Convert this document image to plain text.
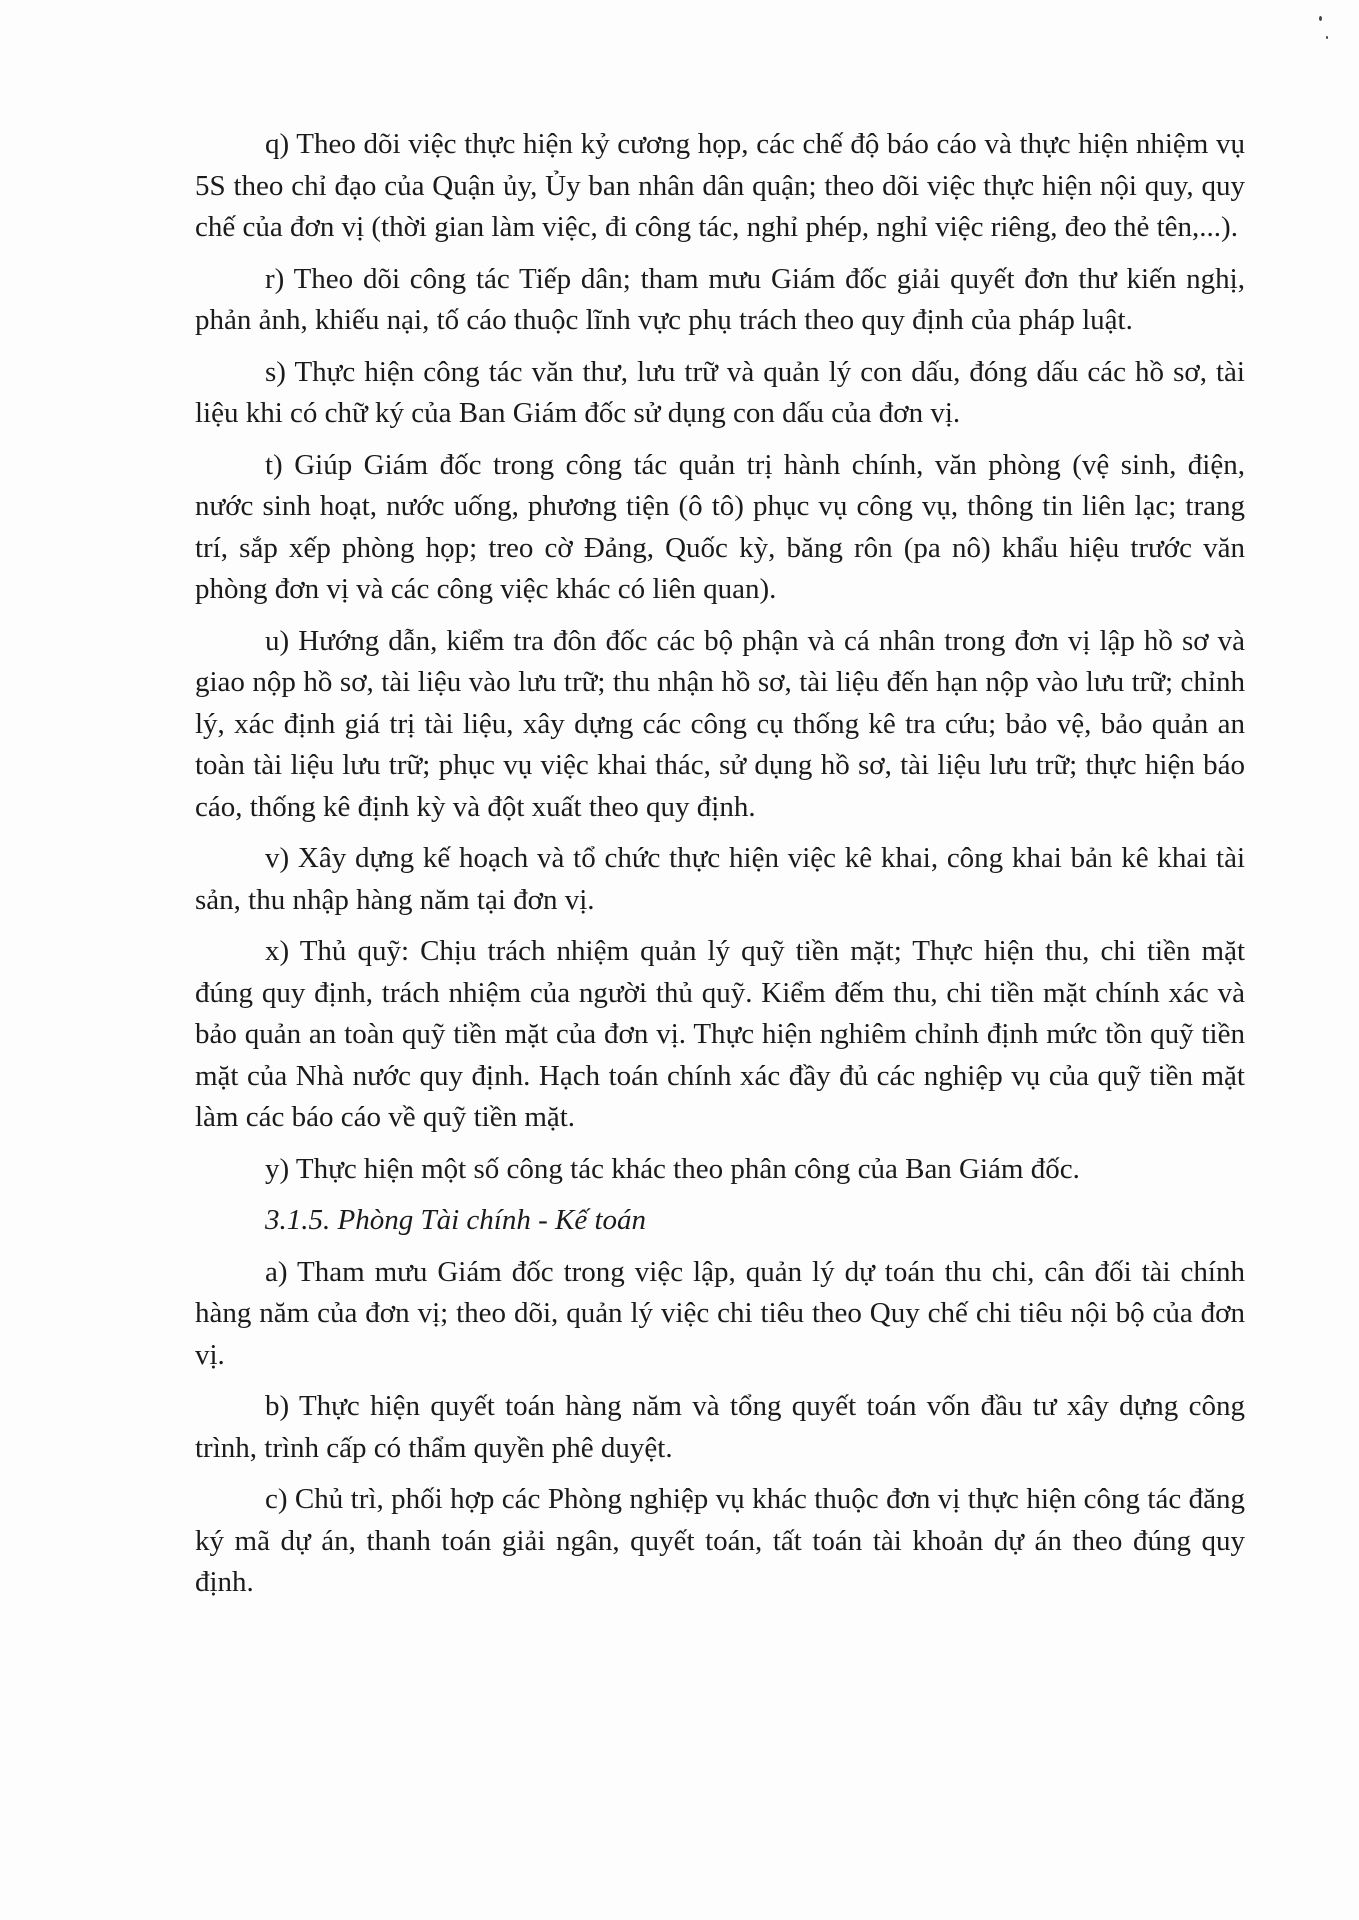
q) Theo dõi việc thực hiện kỷ cương họp, các chế độ báo cáo và thực hiện nhiệm vụ 5S theo chỉ đạo của Quận ủy, Ủy ban nhân dân quận; theo dõi việc thực hiện nội quy, quy chế của đơn vị (thời gian làm việc, đi công tác, nghỉ phép, nghỉ việc riêng, đeo thẻ tên,...).

r) Theo dõi công tác Tiếp dân; tham mưu Giám đốc giải quyết đơn thư kiến nghị, phản ảnh, khiếu nại, tố cáo thuộc lĩnh vực phụ trách theo quy định của pháp luật.

s) Thực hiện công tác văn thư, lưu trữ và quản lý con dấu, đóng dấu các hồ sơ, tài liệu khi có chữ ký của Ban Giám đốc sử dụng con dấu của đơn vị.

t) Giúp Giám đốc trong công tác quản trị hành chính, văn phòng (vệ sinh, điện, nước sinh hoạt, nước uống, phương tiện (ô tô) phục vụ công vụ, thông tin liên lạc; trang trí, sắp xếp phòng họp; treo cờ Đảng, Quốc kỳ, băng rôn (pa nô) khẩu hiệu trước văn phòng đơn vị và các công việc khác có liên quan).

u) Hướng dẫn, kiểm tra đôn đốc các bộ phận và cá nhân trong đơn vị lập hồ sơ và giao nộp hồ sơ, tài liệu vào lưu trữ; thu nhận hồ sơ, tài liệu đến hạn nộp vào lưu trữ; chỉnh lý, xác định giá trị tài liệu, xây dựng các công cụ thống kê tra cứu; bảo vệ, bảo quản an toàn tài liệu lưu trữ; phục vụ việc khai thác, sử dụng hồ sơ, tài liệu lưu trữ; thực hiện báo cáo, thống kê định kỳ và đột xuất theo quy định.

v) Xây dựng kế hoạch và tổ chức thực hiện việc kê khai, công khai bản kê khai tài sản, thu nhập hàng năm tại đơn vị.

x) Thủ quỹ: Chịu trách nhiệm quản lý quỹ tiền mặt; Thực hiện thu, chi tiền mặt đúng quy định, trách nhiệm của người thủ quỹ. Kiểm đếm thu, chi tiền mặt chính xác và bảo quản an toàn quỹ tiền mặt của đơn vị. Thực hiện nghiêm chỉnh định mức tồn quỹ tiền mặt của Nhà nước quy định. Hạch toán chính xác đầy đủ các nghiệp vụ của quỹ tiền mặt làm các báo cáo về quỹ tiền mặt.

y) Thực hiện một số công tác khác theo phân công của Ban Giám đốc.

3.1.5. Phòng Tài chính - Kế toán

a) Tham mưu Giám đốc trong việc lập, quản lý dự toán thu chi, cân đối tài chính hàng năm của đơn vị; theo dõi, quản lý việc chi tiêu theo Quy chế chi tiêu nội bộ của đơn vị.

b) Thực hiện quyết toán hàng năm và tổng quyết toán vốn đầu tư xây dựng công trình, trình cấp có thẩm quyền phê duyệt.

c) Chủ trì, phối hợp các Phòng nghiệp vụ khác thuộc đơn vị thực hiện công tác đăng ký mã dự án, thanh toán giải ngân, quyết toán, tất toán tài khoản dự án theo đúng quy định.
